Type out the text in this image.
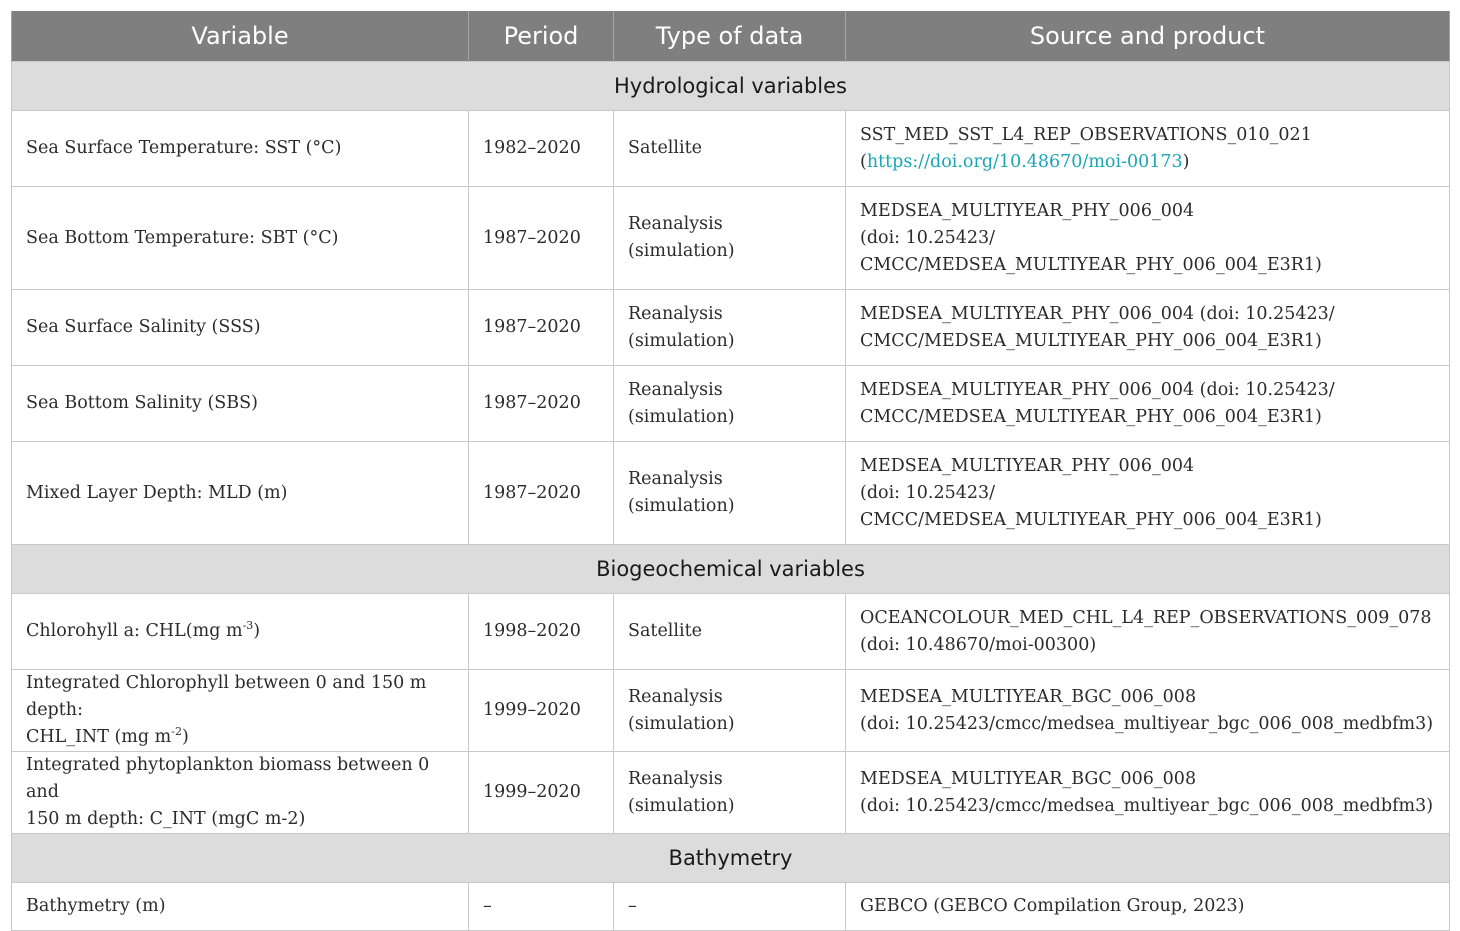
Variable	Period	Type of data	Source and product
Hydrological variables			
Sea Surface Temperature: SST (°C)	1982–2020	Satellite	SST_MED_SST_L4_REP_OBSERVATIONS_010_021
(https://doi.org/10.48670/moi-00173)

Sea Bottom Temperature: SBT (°C)	1987–2020	Reanalysis (simulation)	MEDSEA_MULTIYEAR_PHY_006_004
(doi: 10.25423/
CMCC/MEDSEA_MULTIYEAR_PHY_006_004_E3R1)

Sea Surface Salinity (SSS)	1987–2020	Reanalysis (simulation)	MEDSEA_MULTIYEAR_PHY_006_004 (doi: 10.25423/
CMCC/MEDSEA_MULTIYEAR_PHY_006_004_E3R1)

Sea Bottom Salinity (SBS)	1987–2020	Reanalysis (simulation)	MEDSEA_MULTIYEAR_PHY_006_004 (doi: 10.25423/
CMCC/MEDSEA_MULTIYEAR_PHY_006_004_E3R1)

Mixed Layer Depth: MLD (m)	1987–2020	Reanalysis (simulation)	MEDSEA_MULTIYEAR_PHY_006_004
(doi: 10.25423/
CMCC/MEDSEA_MULTIYEAR_PHY_006_004_E3R1)

Biogeochemical variables			
Chlorohyll a: CHL(mg $m^{-3}$)	1998–2020	Satellite	OCEANCOLOUR_MED_CHL_L4_REP_OBSERVATIONS_009_078
(doi: 10.48670/moi-00300)

Integrated Chlorophyll between 0 and 150 m depth:
CHL_INT (mg $m^{-2}$)	1999–2020	Reanalysis (simulation)	MEDSEA_MULTIYEAR_BGC_006_008
(doi: 10.25423/cmcc/medsea_multiyear_bgc_006_008_medbfm3)

Integrated phytoplankton biomass between 0 and
150 m depth: C_INT (mgC m-2)	1999–2020	Reanalysis (simulation)	MEDSEA_MULTIYEAR_BGC_006_008
(doi: 10.25423/cmcc/medsea_multiyear_bgc_006_008_medbfm3)

Bathymetry			
Bathymetry (m)	–	–	GEBCO (GEBCO Compilation Group, 2023)
